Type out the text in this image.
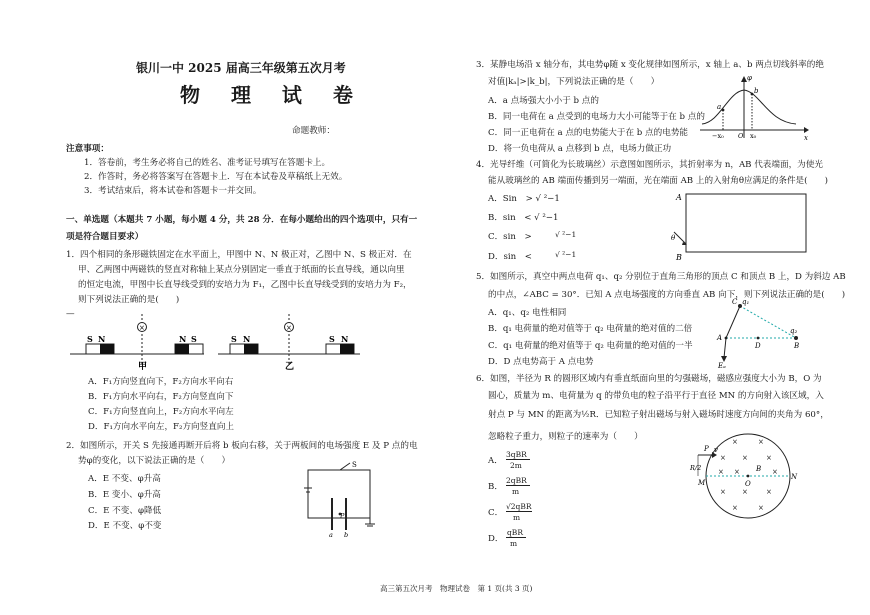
银川一中 2025 届高三年级第五次月考
物 理 试 卷
命题教师：
注意事项：
1．答卷前，考生务必将自己的姓名、准考证号填写在答题卡上。
2．作答时，务必将答案写在答题卡上．写在本试卷及草稿纸上无效。
3．考试结束后，将本试卷和答题卡一并交回。
一、单选题（本题共 7 小题，每小题 4 分，共 28 分．在每小题给出的四个选项中，只有一
项是符合题目要求）
1．四个相同的条形磁铁固定在水平面上，甲图中 N、N 极正对，乙图中 N、S 极正对．在
甲、乙两图中两磁铁的竖直对称轴上某点分别固定一垂直于纸面的长直导线，通以向里
的恒定电流，甲图中长直导线受到的安培力为 F₁，乙图中长直导线受到的安培力为 F₂，
则下列说法正确的是(　　)
—
S N	N S
×
S N	S N
×
甲	乙
A．F₁方向竖直向下，F₂方向水平向右
B．F₁方向水平向右，F₂方向竖直向下
C．F₁方向竖直向上，F₂方向水平向左
D．F₁方向水平向左，F₂方向竖直向上
2．如图所示，开关 S 先接通再断开后将 b 板向右移，关于两板间的电场强度 E 及 P 点的电
势φ的变化，以下说法正确的是（　　）
A．E 不变、φ升高
B．E 变小、φ升高
C．E 不变、φ降低
D．E 不变、φ不变
S
P
a b
3．某静电场沿 x 轴分布，其电势φ随 x 变化规律如图所示，x 轴上 a、b 两点切线斜率的绝
对值|kₐ|>|k_b|，下列说法正确的是（　　）
A．a 点场强大小小于 b 点的
B．同一电荷在 a 点受到的电场力大小可能等于在 b 点的
C．同一正电荷在 a 点的电势能大于在 b 点的电势能
D．将一负电荷从 a 点移到 b 点，电场力做正功
φ
x
a
b
−x₀ O x₀
4．光导纤维（可简化为长玻璃丝）示意图如图所示，其折射率为 n，AB 代表端面，为使光
能从玻璃丝的 AB 端面传播到另一端面，光在端面 AB 上的入射角θ应满足的条件是(　　)
A．Sin　> √ ²−1
B．sin　< √ ²−1
C．sin　>
D．sin　<
√ ²−1
√ ²−1
A
B
θ
5．如图所示，真空中两点电荷 q₁、q₂ 分别位于直角三角形的顶点 C 和顶点 B 上，D 为斜边 AB
的中点，∠ABC = 30°．已知 A 点电场强度的方向垂直 AB 向下，则下列说法正确的是(　　)
A．q₁、q₂ 电性相同
B．q₁ 电荷量的绝对值等于 q₂ 电荷量的绝对值的二倍
C．q₁ 电荷量的绝对值等于 q₂ 电荷量的绝对值的一半
D．D 点电势高于 A 点电势
C q₁
A
D	B
q₂
Eₐ
6．如图，半径为 R 的圆形区域内有垂直纸面向里的匀强磁场，磁感应强度大小为 B，O 为
圆心，质量为 m、电荷量为 q 的带负电的粒子沿平行于直径 MN 的方向射入该区域，入
射点 P 与 MN 的距离为½R．已知粒子射出磁场与射入磁场时速度方向间的夹角为 60°，
忽略粒子重力，则粒子的速率为（　　）
A．
B．
C．
D．
3qBR
2m
2qBR
m
√2qBR
m
qBR
m
P v
R/2
M	O
B
N
×	×
× ×	×
× ×	×
× ×	×
×	×
高三第五次月考　物理试卷　第 1 页(共 3 页)
